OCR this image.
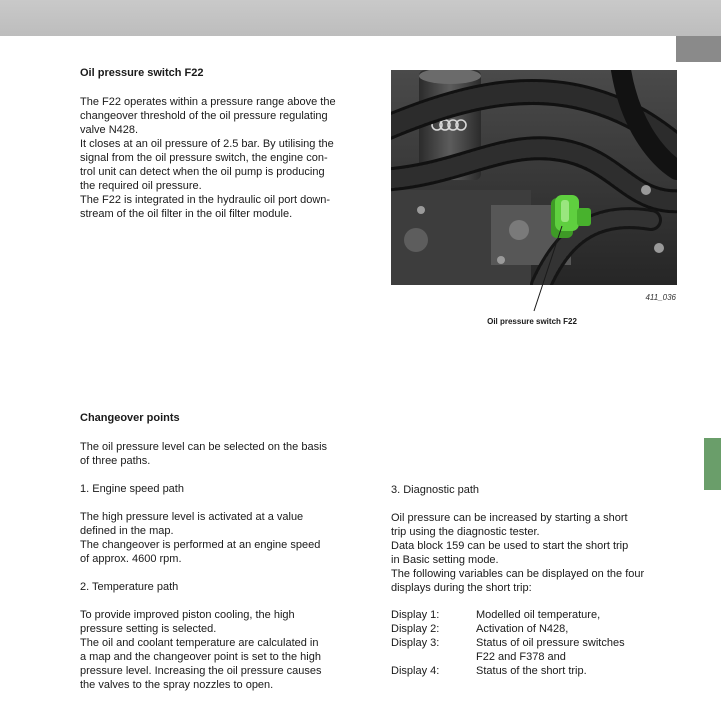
Oil pressure switch F22

The F22 operates within a pressure range above the
changeover threshold of the oil pressure regulating
valve N428.

It closes at an oil pressure of 2.5 bar. By utilising the
signal from the oil pressure switch, the engine con-
trol unit can detect when the oil pump is producing
the required oil pressure.

The F22 is integrated in the hydraulic oil port down-
stream of the oil filter in the oil filter module.

411_036
Oil pressure switch F22
Changeover points

The oil pressure level can be selected on the basis
of three paths.

1. Engine speed path

The high pressure level is activated at a value
defined in the map.
The changeover is performed at an engine speed
of approx. 4600 rpm.

2. Temperature path

To provide improved piston cooling, the high
pressure setting is selected.
The oil and coolant temperature are calculated in
a map and the changeover point is set to the high
pressure level. Increasing the oil pressure causes
the valves to the spray nozzles to open.

3. Diagnostic path

Oil pressure can be increased by starting a short
trip using the diagnostic tester.
Data block 159 can be used to start the short trip
in Basic setting mode.
The following variables can be displayed on the four
displays during the short trip:

Display 1:	Modelled oil temperature,
Display 2:	Activation of N428,
Display 3:	Status of oil pressure switches
F22 and F378 and
Display 4:	Status of the short trip.
